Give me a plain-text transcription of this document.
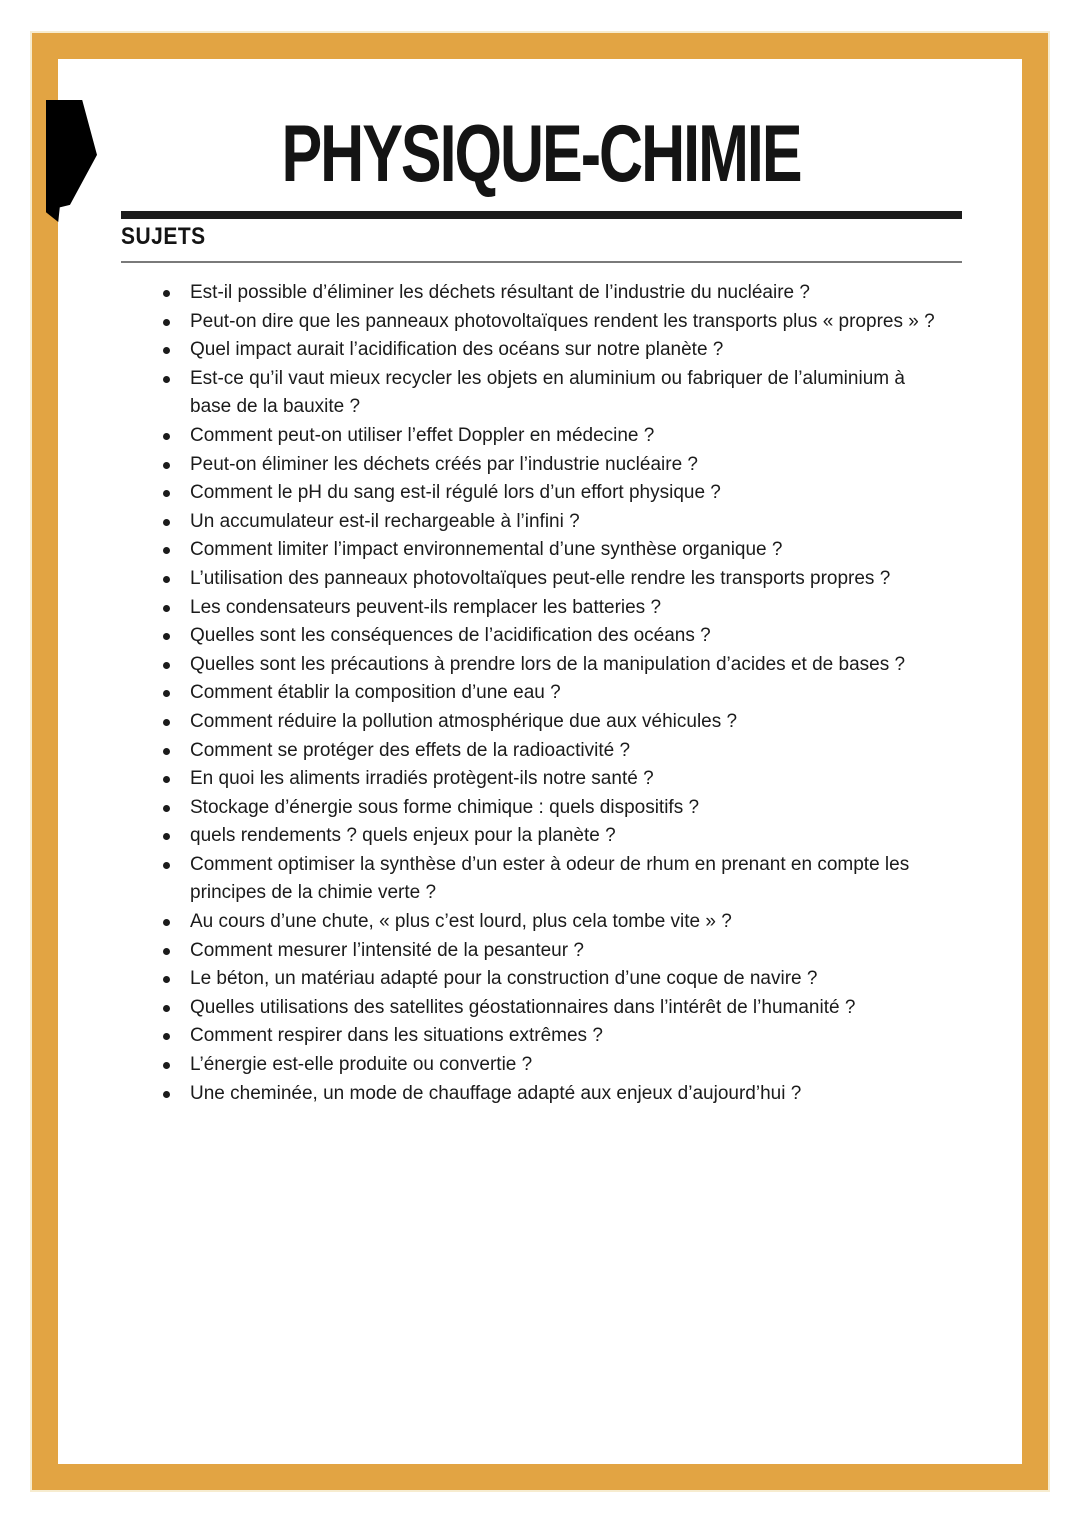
PHYSIQUE-CHIMIE
SUJETS
Est-il possible d’éliminer les déchets résultant de l’industrie du nucléaire ?
Peut-on dire que les panneaux photovoltaïques rendent les transports plus « propres » ?
Quel impact aurait l’acidification des océans sur notre planète ?
Est-ce qu’il vaut mieux recycler les objets en aluminium ou fabriquer de l’aluminium à base de la bauxite ?
Comment peut-on utiliser l’effet Doppler en médecine ?
Peut-on éliminer les déchets créés par l’industrie nucléaire ?
Comment le pH du sang est-il régulé lors d’un effort physique ?
Un accumulateur est-il rechargeable à l’infini ?
Comment limiter l’impact environnemental d’une synthèse organique ?
L’utilisation des panneaux photovoltaïques peut-elle rendre les transports propres ?
Les condensateurs peuvent-ils remplacer les batteries ?
Quelles sont les conséquences de l’acidification des océans ?
Quelles sont les précautions à prendre lors de la manipulation d’acides et de bases ?
Comment établir la composition d’une eau ?
Comment réduire la pollution atmosphérique due aux véhicules ?
Comment se protéger des effets de la radioactivité ?
En quoi les aliments irradiés protègent-ils notre santé ?
Stockage d’énergie sous forme chimique : quels dispositifs ?
quels rendements ? quels enjeux pour la planète ?
Comment optimiser la synthèse d’un ester à odeur de rhum en prenant en compte les principes de la chimie verte ?
Au cours d’une chute, « plus c’est lourd, plus cela tombe vite » ?
Comment mesurer l’intensité de la pesanteur ?
Le béton, un matériau adapté pour la construction d’une coque de navire ?
Quelles utilisations des satellites géostationnaires dans l’intérêt de l’humanité ?
Comment respirer dans les situations extrêmes ?
L’énergie est-elle produite ou convertie ?
Une cheminée, un mode de chauffage adapté aux enjeux d’aujourd’hui ?
